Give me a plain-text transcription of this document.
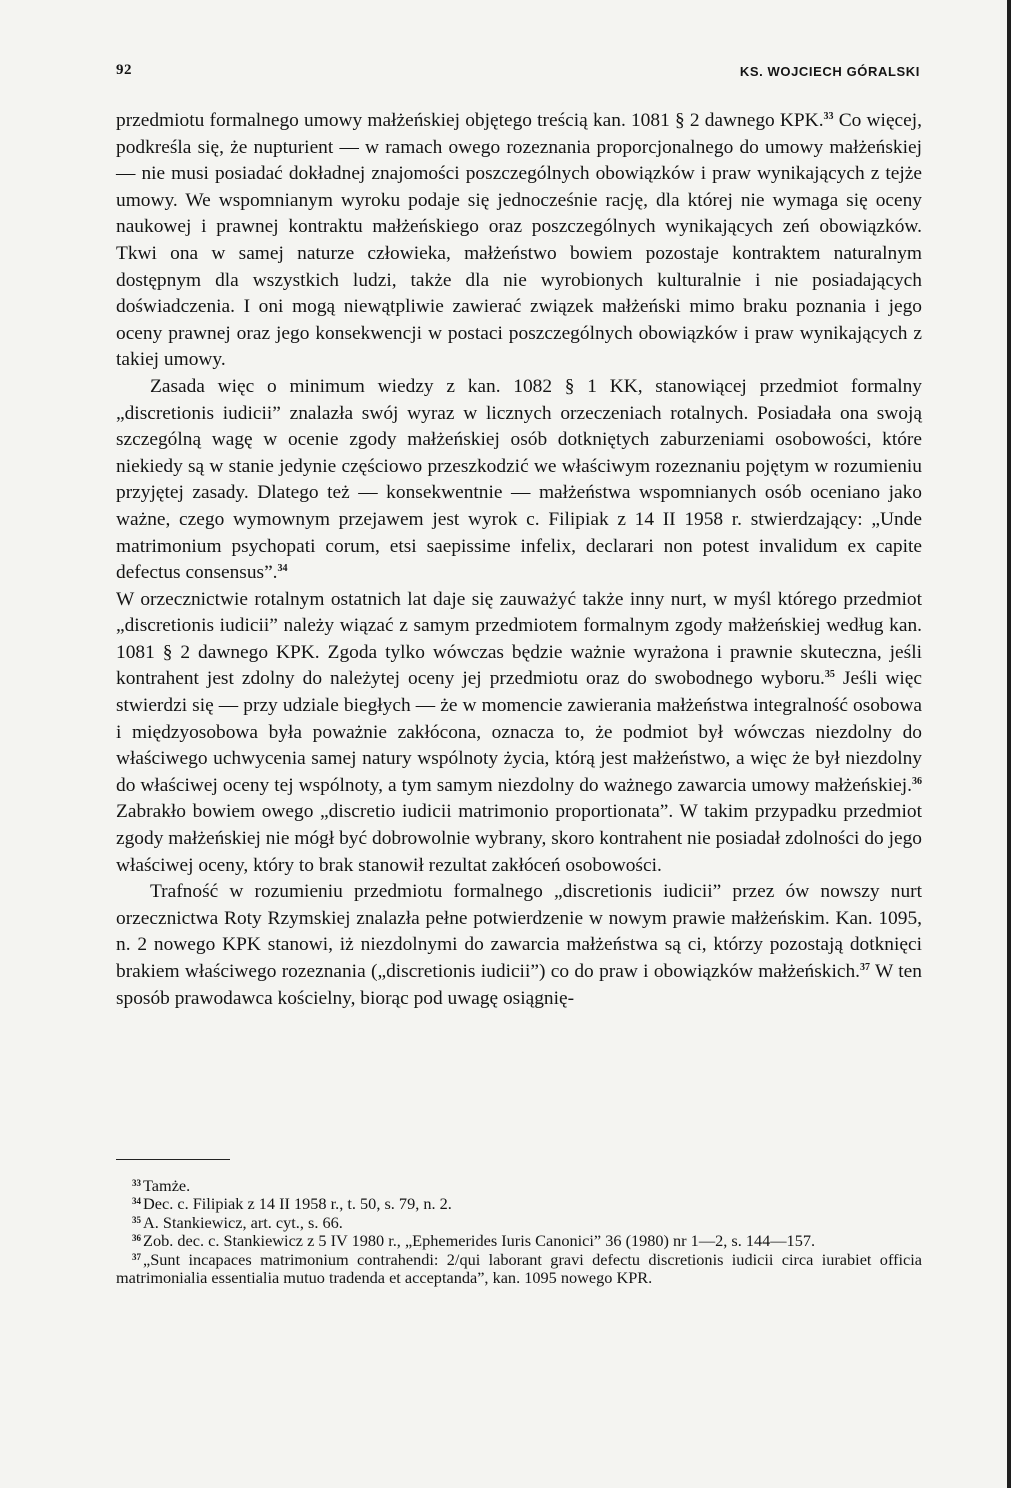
92	KS. WOJCIECH GÓRALSKI

przedmiotu formalnego umowy małżeńskiej objętego treścią kan. 1081 § 2 dawnego KPK.$^{33}$ Co więcej, podkreśla się, że nupturient — w ramach owego rozeznania proporcjonalnego do umowy małżeńskiej — nie musi posiadać dokładnej znajomości poszczególnych obowiązków i praw wynikających z tejże umowy. We wspomnianym wyroku podaje się jednocześnie rację, dla której nie wymaga się oceny naukowej i prawnej kontraktu małżeńskiego oraz poszczególnych wynikających zeń obowiązków. Tkwi ona w samej naturze człowieka, małżeństwo bowiem pozostaje kontraktem naturalnym dostępnym dla wszystkich ludzi, także dla nie wyrobionych kulturalnie i nie posiadających doświadczenia. I oni mogą niewątpliwie zawierać związek małżeński mimo braku poznania i jego oceny prawnej oraz jego konsekwencji w postaci poszczególnych obowiązków i praw wynikających z takiej umowy.

Zasada więc o minimum wiedzy z kan. 1082 § 1 KK, stanowiącej przedmiot formalny „discretionis iudicii” znalazła swój wyraz w licznych orzeczeniach rotalnych. Posiadała ona swoją szczególną wagę w ocenie zgody małżeńskiej osób dotkniętych zaburzeniami osobowości, które niekiedy są w stanie jedynie częściowo przeszkodzić we właściwym rozeznaniu pojętym w rozumieniu przyjętej zasady. Dlatego też — konsekwentnie — małżeństwa wspomnianych osób oceniano jako ważne, czego wymownym przejawem jest wyrok c. Filipiak z 14 II 1958 r. stwierdzający: „Unde matrimonium psychopati corum, etsi saepissime infelix, declarari non potest invalidum ex capite defectus consensus”.$^{34}$

W orzecznictwie rotalnym ostatnich lat daje się zauważyć także inny nurt, w myśl którego przedmiot „discretionis iudicii” należy wiązać z samym przedmiotem formalnym zgody małżeńskiej według kan. 1081 § 2 dawnego KPK. Zgoda tylko wówczas będzie ważnie wyrażona i prawnie skuteczna, jeśli kontrahent jest zdolny do należytej oceny jej przedmiotu oraz do swobodnego wyboru.$^{35}$ Jeśli więc stwierdzi się — przy udziale biegłych — że w momencie zawierania małżeństwa integralność osobowa i międzyosobowa była poważnie zakłócona, oznacza to, że podmiot był wówczas niezdolny do właściwego uchwycenia samej natury wspólnoty życia, którą jest małżeństwo, a więc że był niezdolny do właściwej oceny tej wspólnoty, a tym samym niezdolny do ważnego zawarcia umowy małżeńskiej.$^{36}$ Zabrakło bowiem owego „discretio iudicii matrimonio proportionata”. W takim przypadku przedmiot zgody małżeńskiej nie mógł być dobrowolnie wybrany, skoro kontrahent nie posiadał zdolności do jego właściwej oceny, który to brak stanowił rezultat zakłóceń osobowości.

Trafność w rozumieniu przedmiotu formalnego „discretionis iudicii” przez ów nowszy nurt orzecznictwa Roty Rzymskiej znalazła pełne potwierdzenie w nowym prawie małżeńskim. Kan. 1095, n. 2 nowego KPK stanowi, iż niezdolnymi do zawarcia małżeństwa są ci, którzy pozostają dotknięci brakiem właściwego rozeznania („discretionis iudicii”) co do praw i obowiązków małżeńskich.$^{37}$ W ten sposób prawodawca kościelny, biorąc pod uwagę osiągnię-

$^{33}$ Tamże.

$^{34}$ Dec. c. Filipiak z 14 II 1958 r., t. 50, s. 79, n. 2.

$^{35}$ A. Stankiewicz, art. cyt., s. 66.

$^{36}$ Zob. dec. c. Stankiewicz z 5 IV 1980 r., „Ephemerides Iuris Canonici” 36 (1980) nr 1—2, s. 144—157.

$^{37}$ „Sunt incapaces matrimonium contrahendi: 2/qui laborant gravi defectu discretionis iudicii circa iurabiet officia matrimonialia essentialia mutuo tradenda et acceptanda”, kan. 1095 nowego KPR.
